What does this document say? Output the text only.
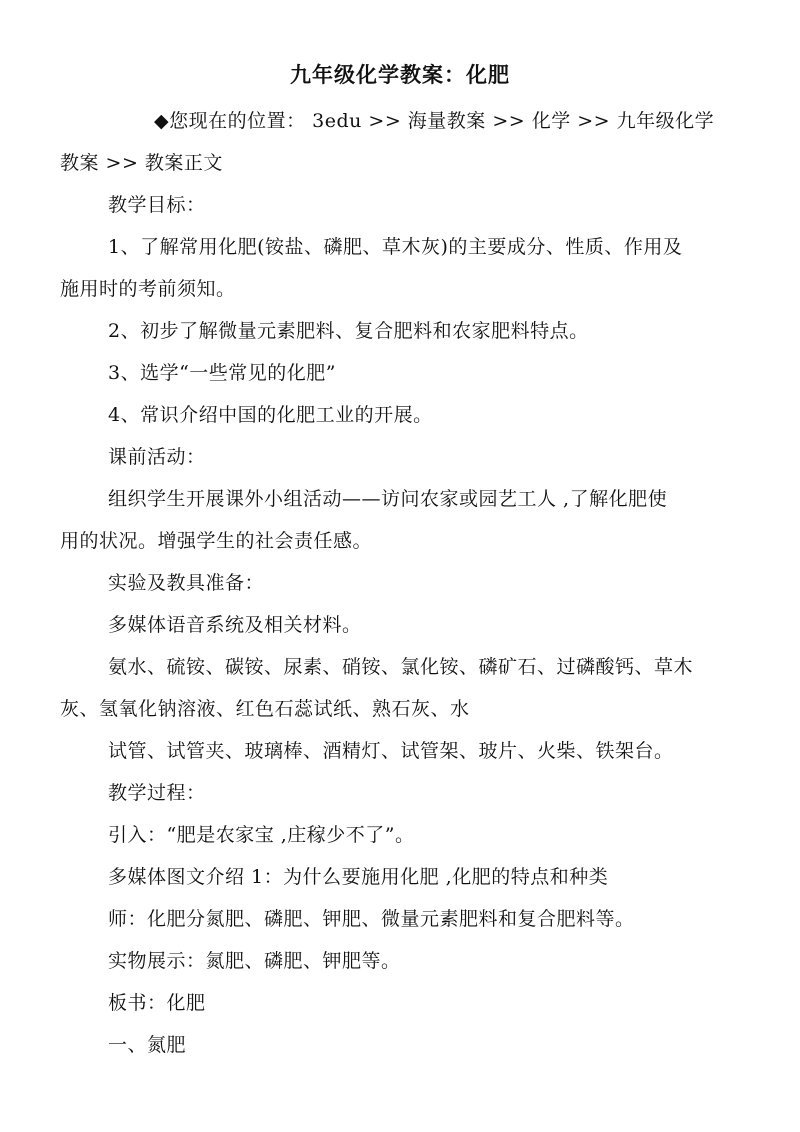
九年级化学教案：化肥
◆您现在的位置： 3edu >> 海量教案 >> 化学 >> 九年级化学
教案 >> 教案正文
教学目标：
1、了解常用化肥(铵盐、磷肥、草木灰)的主要成分、性质、作用及
施用时的考前须知。
2、初步了解微量元素肥料、复合肥料和农家肥料特点。
3、选学“一些常见的化肥”
4、常识介绍中国的化肥工业的开展。
课前活动：
组织学生开展课外小组活动——访问农家或园艺工人 ,了解化肥使
用的状况。增强学生的社会责任感。
实验及教具准备：
多媒体语音系统及相关材料。
氨水、硫铵、碳铵、尿素、硝铵、氯化铵、磷矿石、过磷酸钙、草木
灰、氢氧化钠溶液、红色石蕊试纸、熟石灰、水
试管、试管夹、玻璃棒、酒精灯、试管架、玻片、火柴、铁架台。
教学过程：
引入：“肥是农家宝 ,庄稼少不了”。
多媒体图文介绍 1：为什么要施用化肥 ,化肥的特点和种类
师：化肥分氮肥、磷肥、钾肥、微量元素肥料和复合肥料等。
实物展示：氮肥、磷肥、钾肥等。
板书：化肥
一、氮肥
